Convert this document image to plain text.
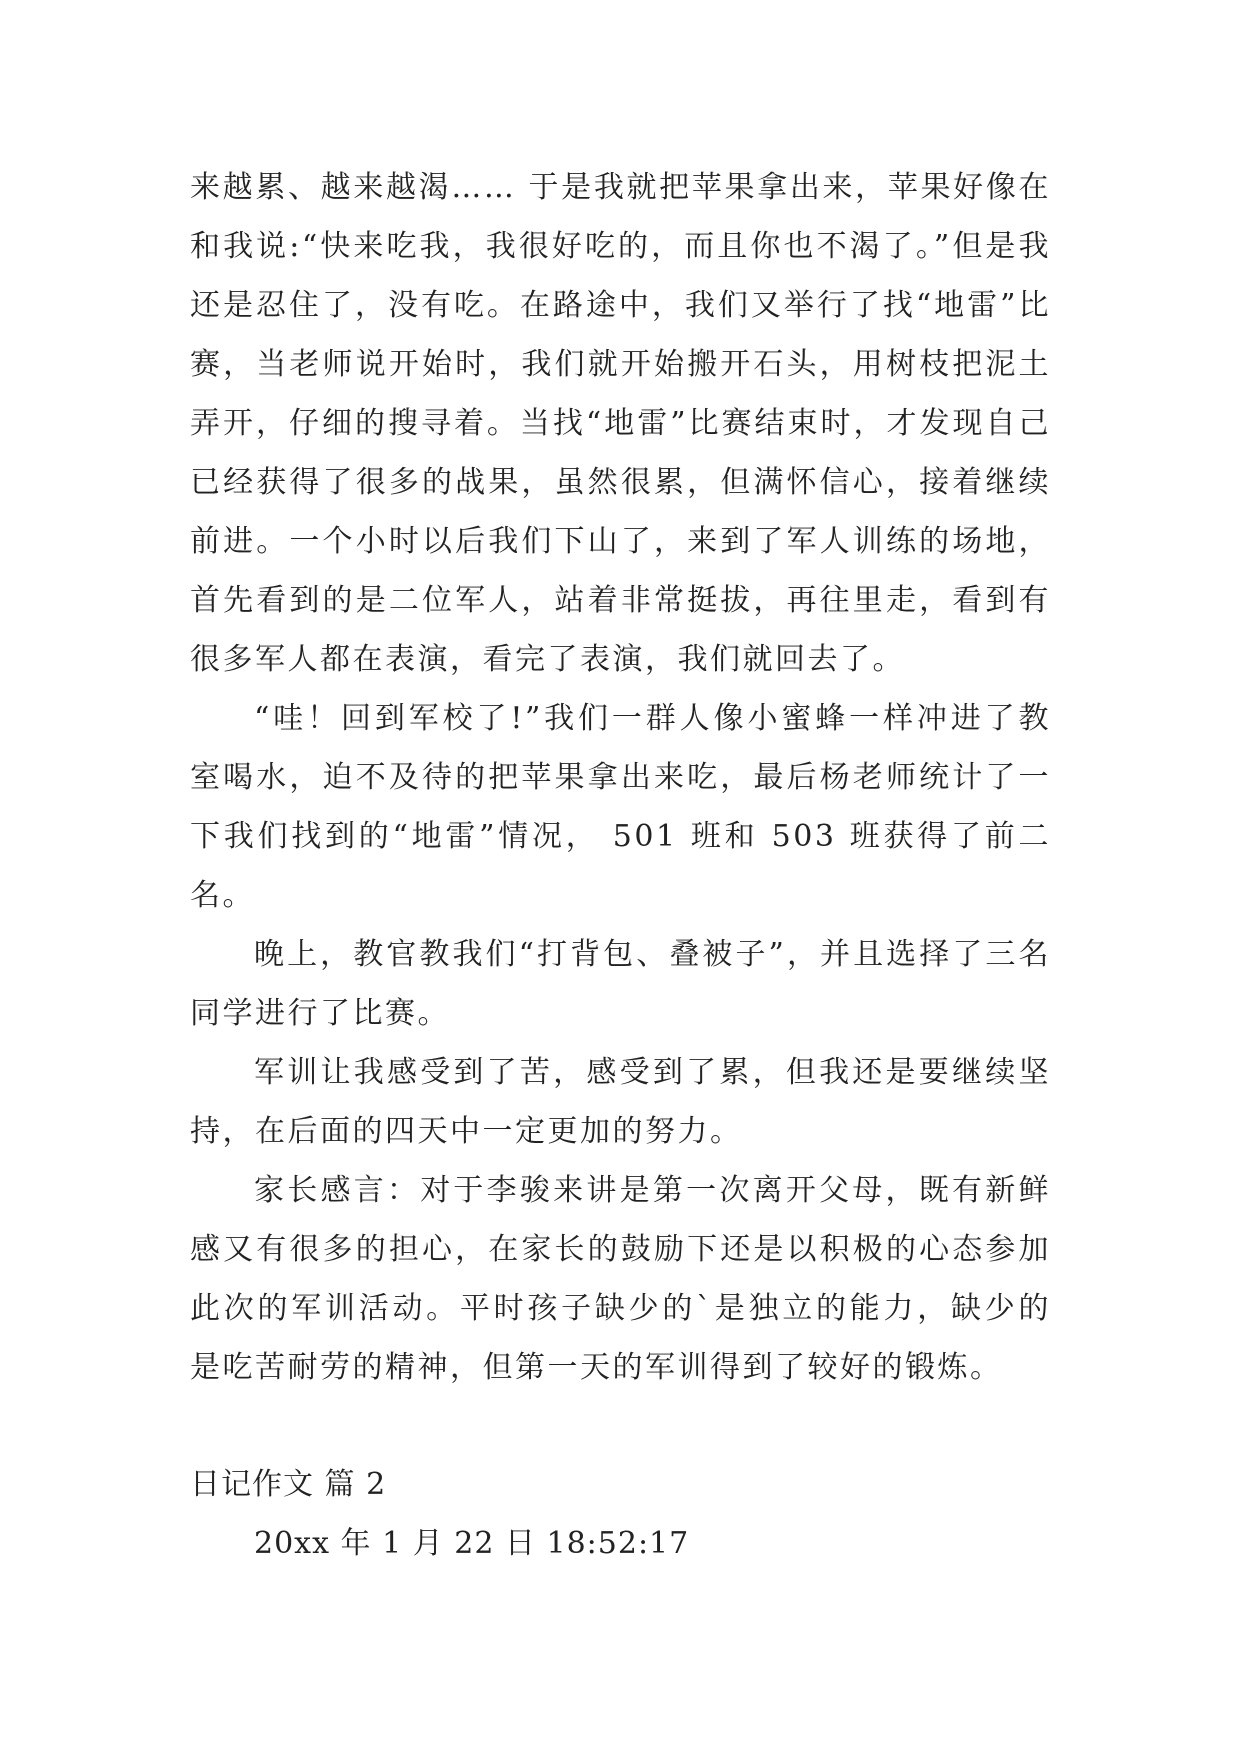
来越累、越来越渴…… 于是我就把苹果拿出来，苹果好像在和我说:“快来吃我，我很好吃的，而且你也不渴了。”但是我还是忍住了，没有吃。在路途中，我们又举行了找“地雷”比赛，当老师说开始时，我们就开始搬开石头，用树枝把泥土弄开，仔细的搜寻着。当找“地雷”比赛结束时，才发现自己已经获得了很多的战果，虽然很累，但满怀信心，接着继续前进。一个小时以后我们下山了，来到了军人训练的场地，首先看到的是二位军人，站着非常挺拔，再往里走，看到有很多军人都在表演，看完了表演，我们就回去了。

“哇！回到军校了!”我们一群人像小蜜蜂一样冲进了教室喝水，迫不及待的把苹果拿出来吃，最后杨老师统计了一下我们找到的“地雷”情况， 501 班和 503 班获得了前二名。

晚上，教官教我们“打背包、叠被子”，并且选择了三名同学进行了比赛。

军训让我感受到了苦，感受到了累，但我还是要继续坚持，在后面的四天中一定更加的努力。

家长感言：对于李骏来讲是第一次离开父母，既有新鲜感又有很多的担心，在家长的鼓励下还是以积极的心态参加此次的军训活动。平时孩子缺少的`是独立的能力，缺少的是吃苦耐劳的精神，但第一天的军训得到了较好的锻炼。

日记作文 篇 2

20xx 年 1 月 22 日 18:52:17
